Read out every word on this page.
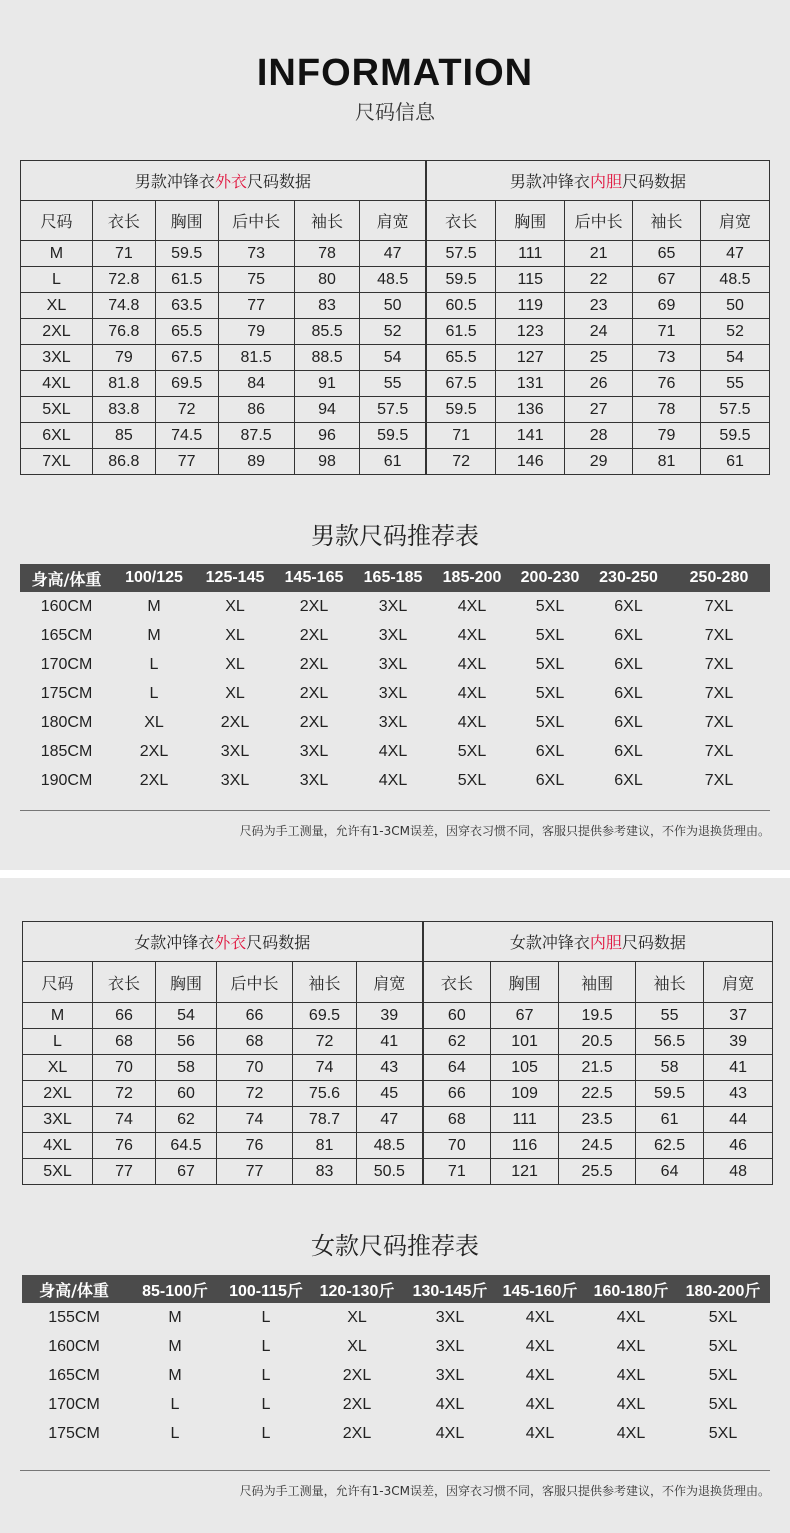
INFORMATION
尺码信息
男款冲锋衣外衣尺码数据						男款冲锋衣内胆尺码数据				
尺码	衣长	胸围	后中长	袖长	肩宽	衣长	胸围	后中长	袖长	肩宽
M	71	59.5	73	78	47	57.5	111	21	65	47
L	72.8	61.5	75	80	48.5	59.5	115	22	67	48.5
XL	74.8	63.5	77	83	50	60.5	119	23	69	50
2XL	76.8	65.5	79	85.5	52	61.5	123	24	71	52
3XL	79	67.5	81.5	88.5	54	65.5	127	25	73	54
4XL	81.8	69.5	84	91	55	67.5	131	26	76	55
5XL	83.8	72	86	94	57.5	59.5	136	27	78	57.5
6XL	85	74.5	87.5	96	59.5	71	141	28	79	59.5
7XL	86.8	77	89	98	61	72	146	29	81	61
男款尺码推荐表
身高/体重	100/125	125-145	145-165	165-185	185-200	200-230	230-250	250-280
160CM	M	XL	2XL	3XL	4XL	5XL	6XL	7XL
165CM	M	XL	2XL	3XL	4XL	5XL	6XL	7XL
170CM	L	XL	2XL	3XL	4XL	5XL	6XL	7XL
175CM	L	XL	2XL	3XL	4XL	5XL	6XL	7XL
180CM	XL	2XL	2XL	3XL	4XL	5XL	6XL	7XL
185CM	2XL	3XL	3XL	4XL	5XL	6XL	6XL	7XL
190CM	2XL	3XL	3XL	4XL	5XL	6XL	6XL	7XL
尺码为手工测量，允许有1-3CM误差，因穿衣习惯不同，客服只提供参考建议，不作为退换货理由。
女款冲锋衣外衣尺码数据						女款冲锋衣内胆尺码数据				
尺码	衣长	胸围	后中长	袖长	肩宽	衣长	胸围	袖围	袖长	肩宽
M	66	54	66	69.5	39	60	67	19.5	55	37
L	68	56	68	72	41	62	101	20.5	56.5	39
XL	70	58	70	74	43	64	105	21.5	58	41
2XL	72	60	72	75.6	45	66	109	22.5	59.5	43
3XL	74	62	74	78.7	47	68	111	23.5	61	44
4XL	76	64.5	76	81	48.5	70	116	24.5	62.5	46
5XL	77	67	77	83	50.5	71	121	25.5	64	48
女款尺码推荐表
身高/体重	85-100斤	100-115斤	120-130斤	130-145斤	145-160斤	160-180斤	180-200斤
155CM	M	L	XL	3XL	4XL	4XL	5XL
160CM	M	L	XL	3XL	4XL	4XL	5XL
165CM	M	L	2XL	3XL	4XL	4XL	5XL
170CM	L	L	2XL	4XL	4XL	4XL	5XL
175CM	L	L	2XL	4XL	4XL	4XL	5XL
尺码为手工测量，允许有1-3CM误差，因穿衣习惯不同，客服只提供参考建议，不作为退换货理由。
